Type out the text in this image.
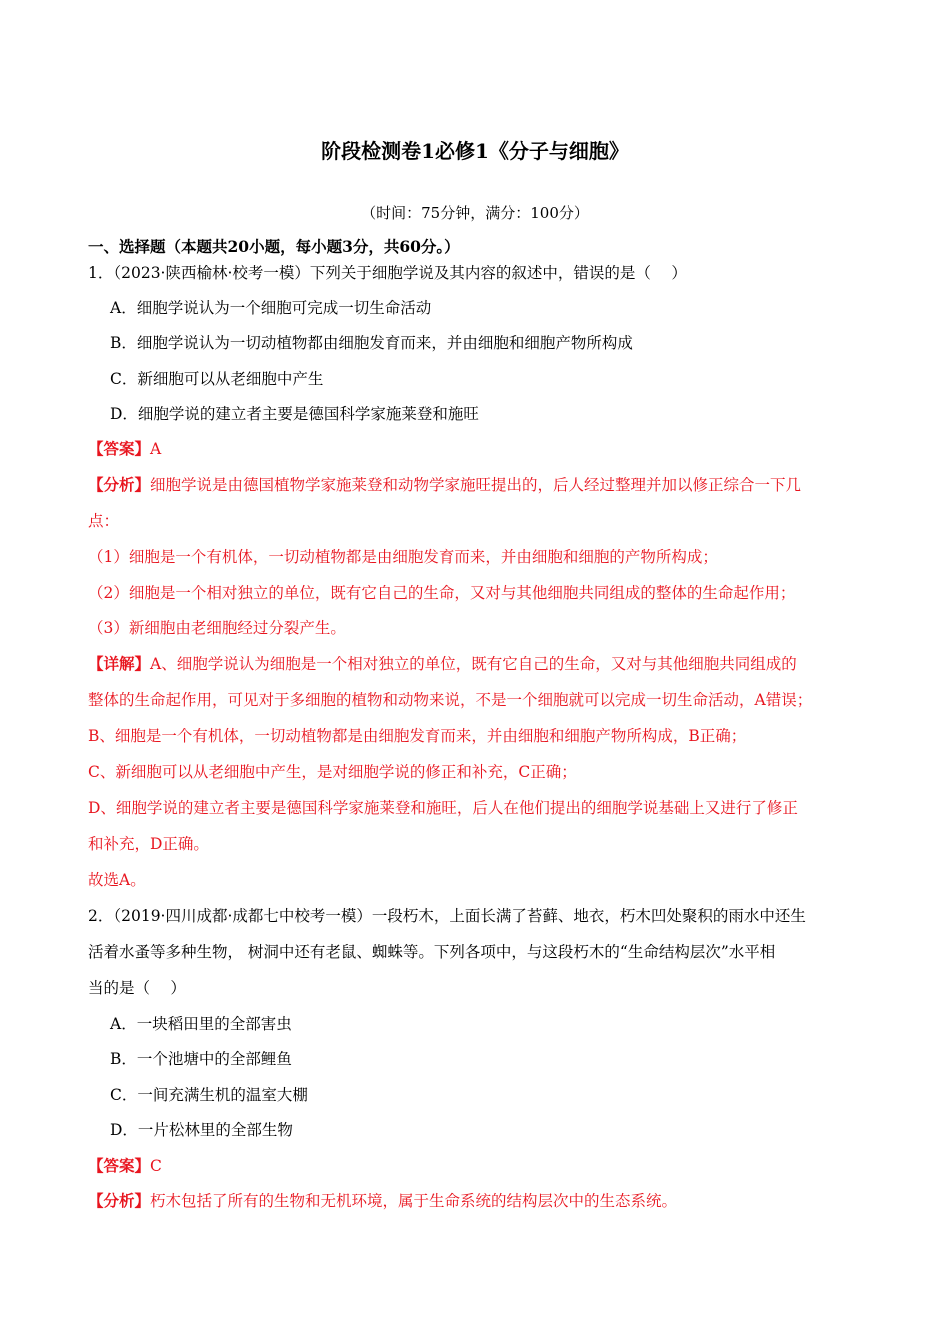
阶段检测卷1必修1《分子与细胞》
（时间：75分钟，满分：100分）
一、选择题（本题共20小题，每小题3分，共60分。）
1．（2023·陕西榆林·校考一模）下列关于细胞学说及其内容的叙述中，错误的是（　 ）
A．细胞学说认为一个细胞可完成一切生命活动
B．细胞学说认为一切动植物都由细胞发育而来，并由细胞和细胞产物所构成
C．新细胞可以从老细胞中产生
D．细胞学说的建立者主要是德国科学家施莱登和施旺
【答案】A
【分析】细胞学说是由德国植物学家施莱登和动物学家施旺提出的，后人经过整理并加以修正综合一下几
点：
（1）细胞是一个有机体，一切动植物都是由细胞发育而来，并由细胞和细胞的产物所构成；
（2）细胞是一个相对独立的单位，既有它自己的生命，又对与其他细胞共同组成的整体的生命起作用；
（3）新细胞由老细胞经过分裂产生。
【详解】A、细胞学说认为细胞是一个相对独立的单位，既有它自己的生命，又对与其他细胞共同组成的
整体的生命起作用，可见对于多细胞的植物和动物来说，不是一个细胞就可以完成一切生命活动，A错误；
B、细胞是一个有机体，一切动植物都是由细胞发育而来，并由细胞和细胞产物所构成，B正确；
C、新细胞可以从老细胞中产生，是对细胞学说的修正和补充，C正确；
D、细胞学说的建立者主要是德国科学家施莱登和施旺，后人在他们提出的细胞学说基础上又进行了修正
和补充，D正确。
故选A。
2．（2019·四川成都·成都七中校考一模）一段朽木，上面长满了苔藓、地衣，朽木凹处聚积的雨水中还生
活着水蚤等多种生物， 树洞中还有老鼠、蜘蛛等。下列各项中，与这段朽木的“生命结构层次”水平相
当的是（　 ）
A．一块稻田里的全部害虫
B．一个池塘中的全部鲤鱼
C．一间充满生机的温室大棚
D．一片松林里的全部生物
【答案】C
【分析】朽木包括了所有的生物和无机环境，属于生命系统的结构层次中的生态系统。
